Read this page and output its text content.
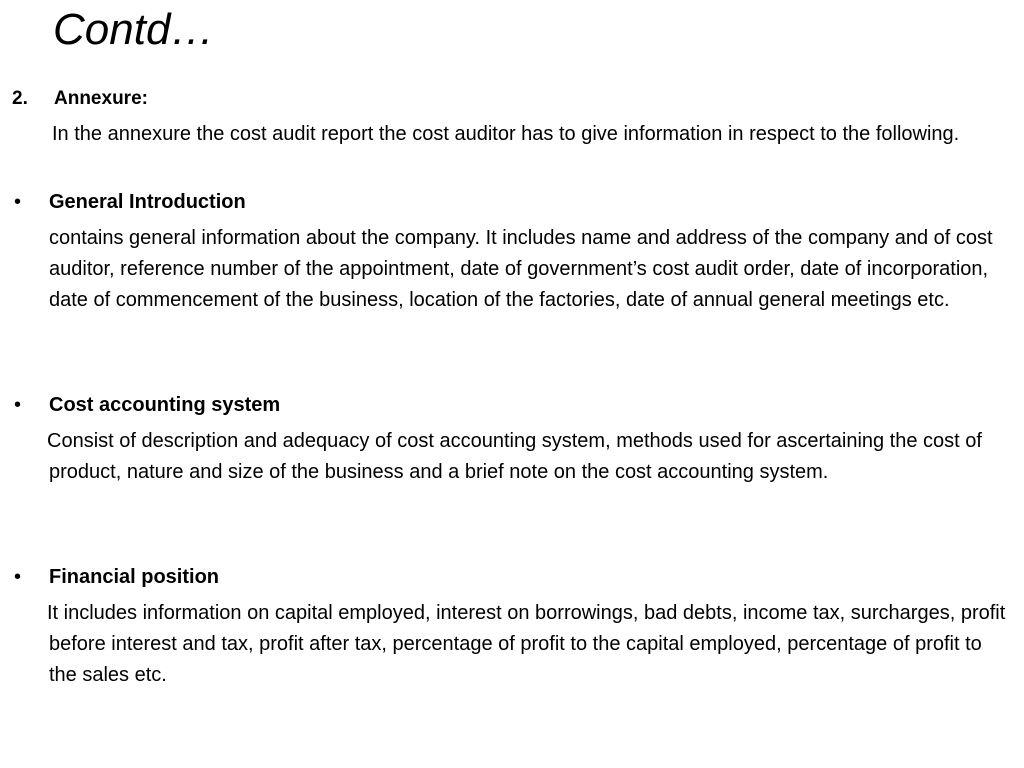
Contd…
2. Annexure:
In the annexure the cost audit report the cost auditor has to give information in respect to the following.
• General Introduction
contains general information about the company. It includes name and address of the company and of cost auditor, reference number of the appointment, date of government’s cost audit order, date of incorporation, date of commencement of the business, location of the factories, date of annual general meetings etc.
• Cost accounting system
Consist of description and adequacy of cost accounting system, methods used for ascertaining the cost of product, nature and size of the business and a brief note on the cost accounting system.
• Financial position
It includes information on capital employed, interest on borrowings, bad debts, income tax, surcharges, profit before interest and tax, profit after tax, percentage of profit to the capital employed, percentage of profit to the sales etc.
